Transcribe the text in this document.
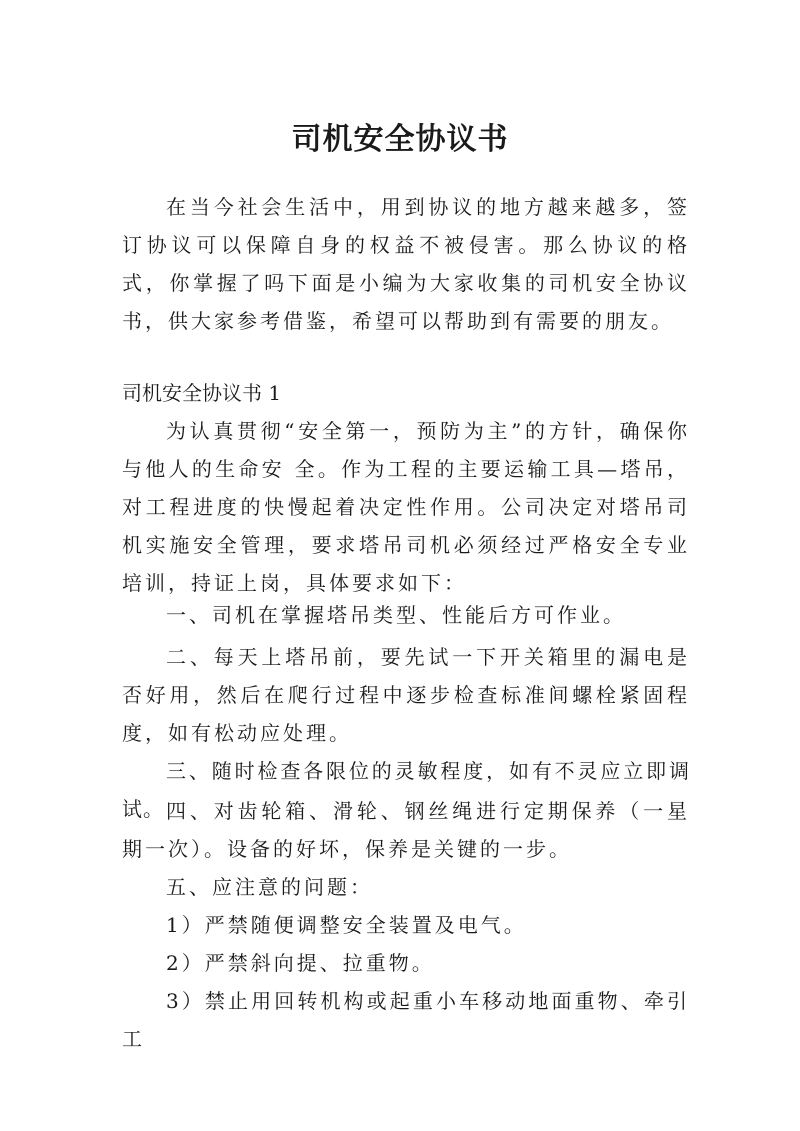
司机安全协议书

在当今社会生活中，用到协议的地方越来越多，签订协议可以保障自身的权益不被侵害。那么协议的格式，你掌握了吗下面是小编为大家收集的司机安全协议书，供大家参考借鉴，希望可以帮助到有需要的朋友。

司机安全协议书 1

为认真贯彻“安全第一，预防为主”的方针，确保你与他人的生命安 全。作为工程的主要运输工具—塔吊，对工程进度的快慢起着决定性作用。公司决定对塔吊司机实施安全管理，要求塔吊司机必须经过严格安全专业培训，持证上岗，具体要求如下：

一、司机在掌握塔吊类型、性能后方可作业。

二、每天上塔吊前，要先试一下开关箱里的漏电是否好用，然后在爬行过程中逐步检查标准间螺栓紧固程度，如有松动应处理。

三、随时检查各限位的灵敏程度，如有不灵应立即调试。 四、对齿轮箱、滑轮、钢丝绳进行定期保养（一星期一次）。设备的好坏，保养是关键的一步。

五、应注意的问题：

1）严禁随便调整安全装置及电气。

2）严禁斜向提、拉重物。

3）禁止用回转机构或起重小车移动地面重物、牵引工
